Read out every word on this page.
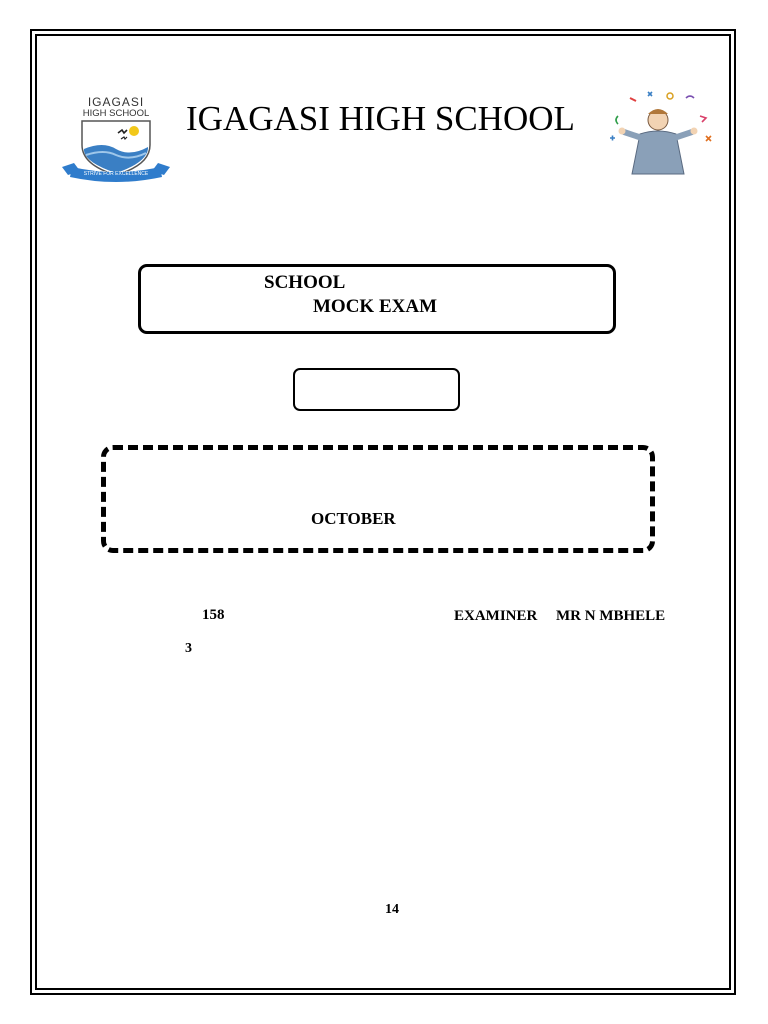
IGAGASI
HIGH SCHOOL
STRIVE FOR EXCELLENCE
IGAGASI HIGH SCHOOL
SCHOOL
MOCK EXAM
OCTOBER
158	EXAMINER MR N MBHELE
3
14
